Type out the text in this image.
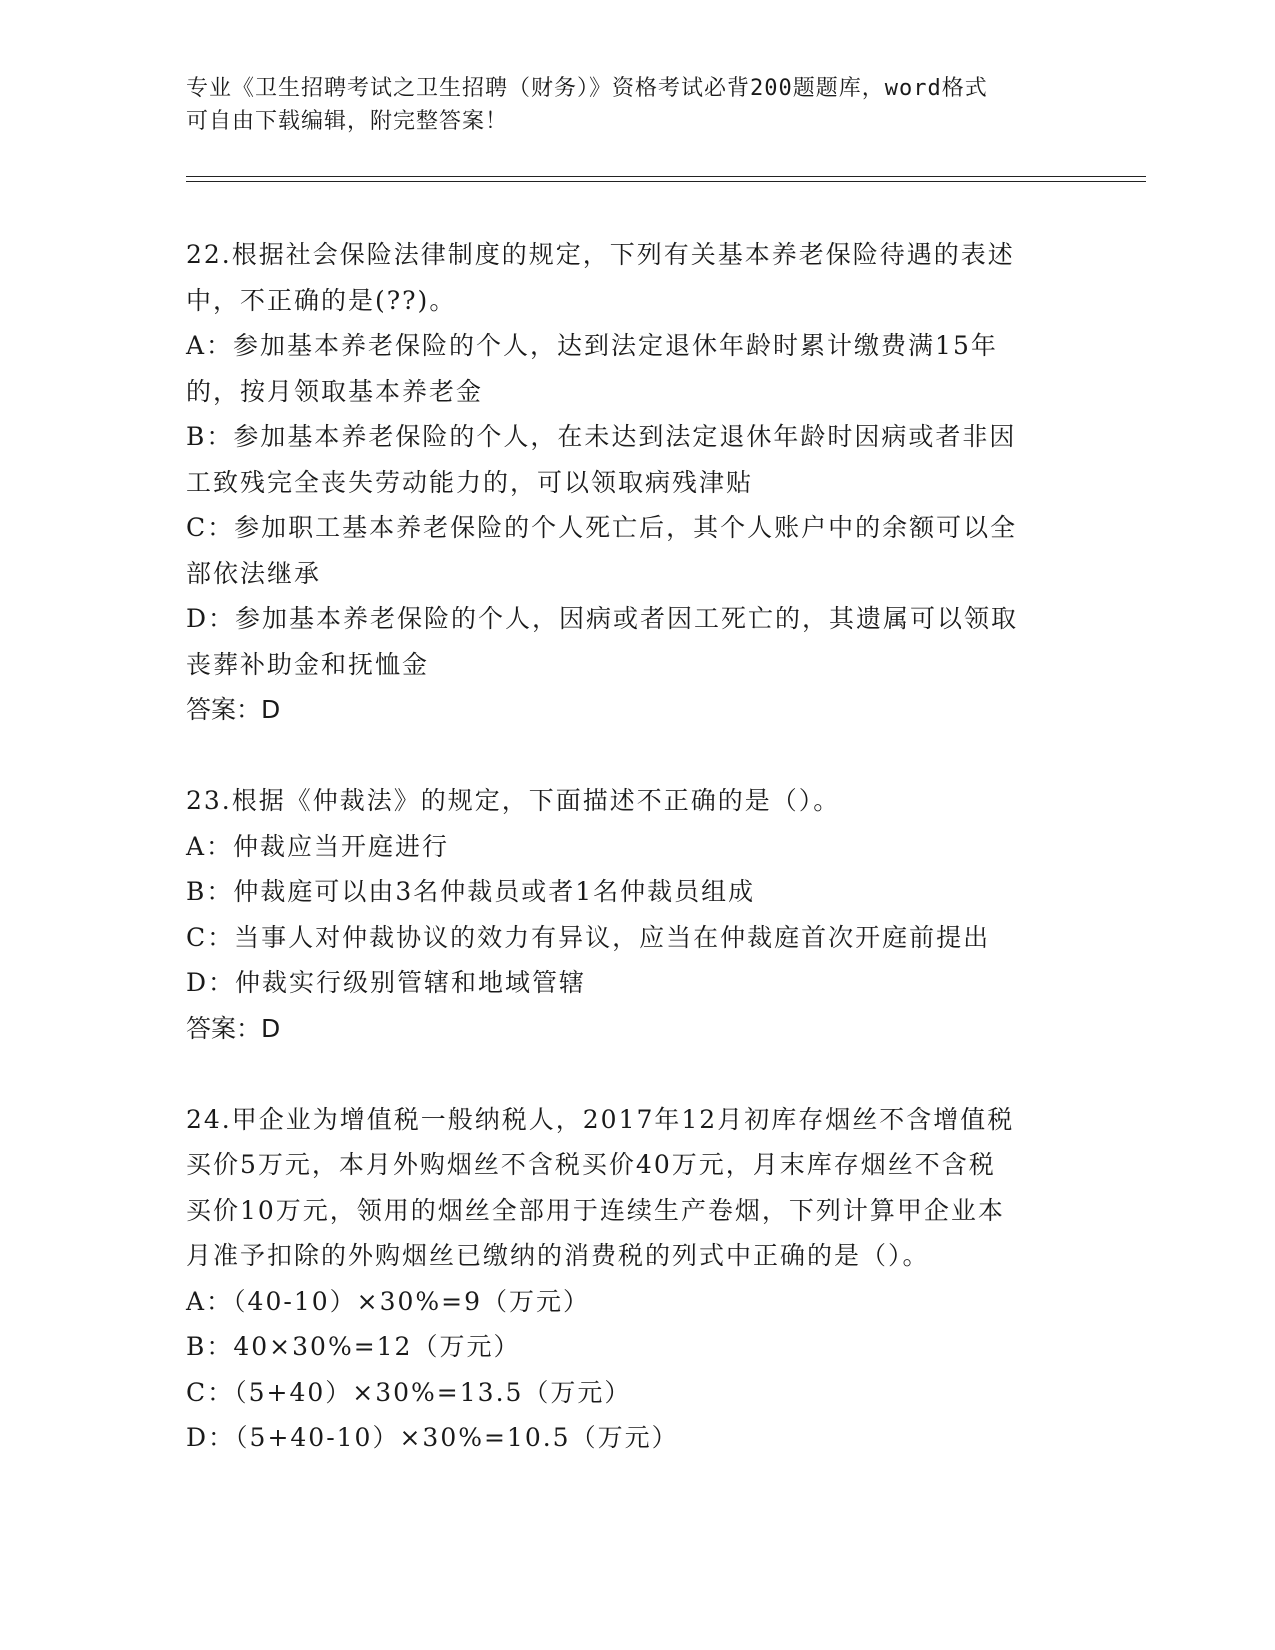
专业《卫生招聘考试之卫生招聘（财务）》资格考试必背200题题库，word格式
可自由下载编辑，附完整答案！
22.根据社会保险法律制度的规定，下列有关基本养老保险待遇的表述
中，不正确的是(??)。
A：参加基本养老保险的个人，达到法定退休年龄时累计缴费满15年
的，按月领取基本养老金
B：参加基本养老保险的个人，在未达到法定退休年龄时因病或者非因
工致残完全丧失劳动能力的，可以领取病残津贴
C：参加职工基本养老保险的个人死亡后，其个人账户中的余额可以全
部依法继承
D：参加基本养老保险的个人，因病或者因工死亡的，其遗属可以领取
丧葬补助金和抚恤金
答案：D
23.根据《仲裁法》的规定，下面描述不正确的是（）。
A：仲裁应当开庭进行
B：仲裁庭可以由3名仲裁员或者1名仲裁员组成
C：当事人对仲裁协议的效力有异议，应当在仲裁庭首次开庭前提出
D：仲裁实行级别管辖和地域管辖
答案：D
24.甲企业为增值税一般纳税人，2017年12月初库存烟丝不含增值税
买价5万元，本月外购烟丝不含税买价40万元，月末库存烟丝不含税
买价10万元，领用的烟丝全部用于连续生产卷烟，下列计算甲企业本
月准予扣除的外购烟丝已缴纳的消费税的列式中正确的是（）。
A：（40-10）×30%=9（万元）
B：40×30%=12（万元）
C：（5+40）×30%=13.5（万元）
D：（5+40-10）×30%=10.5（万元）
